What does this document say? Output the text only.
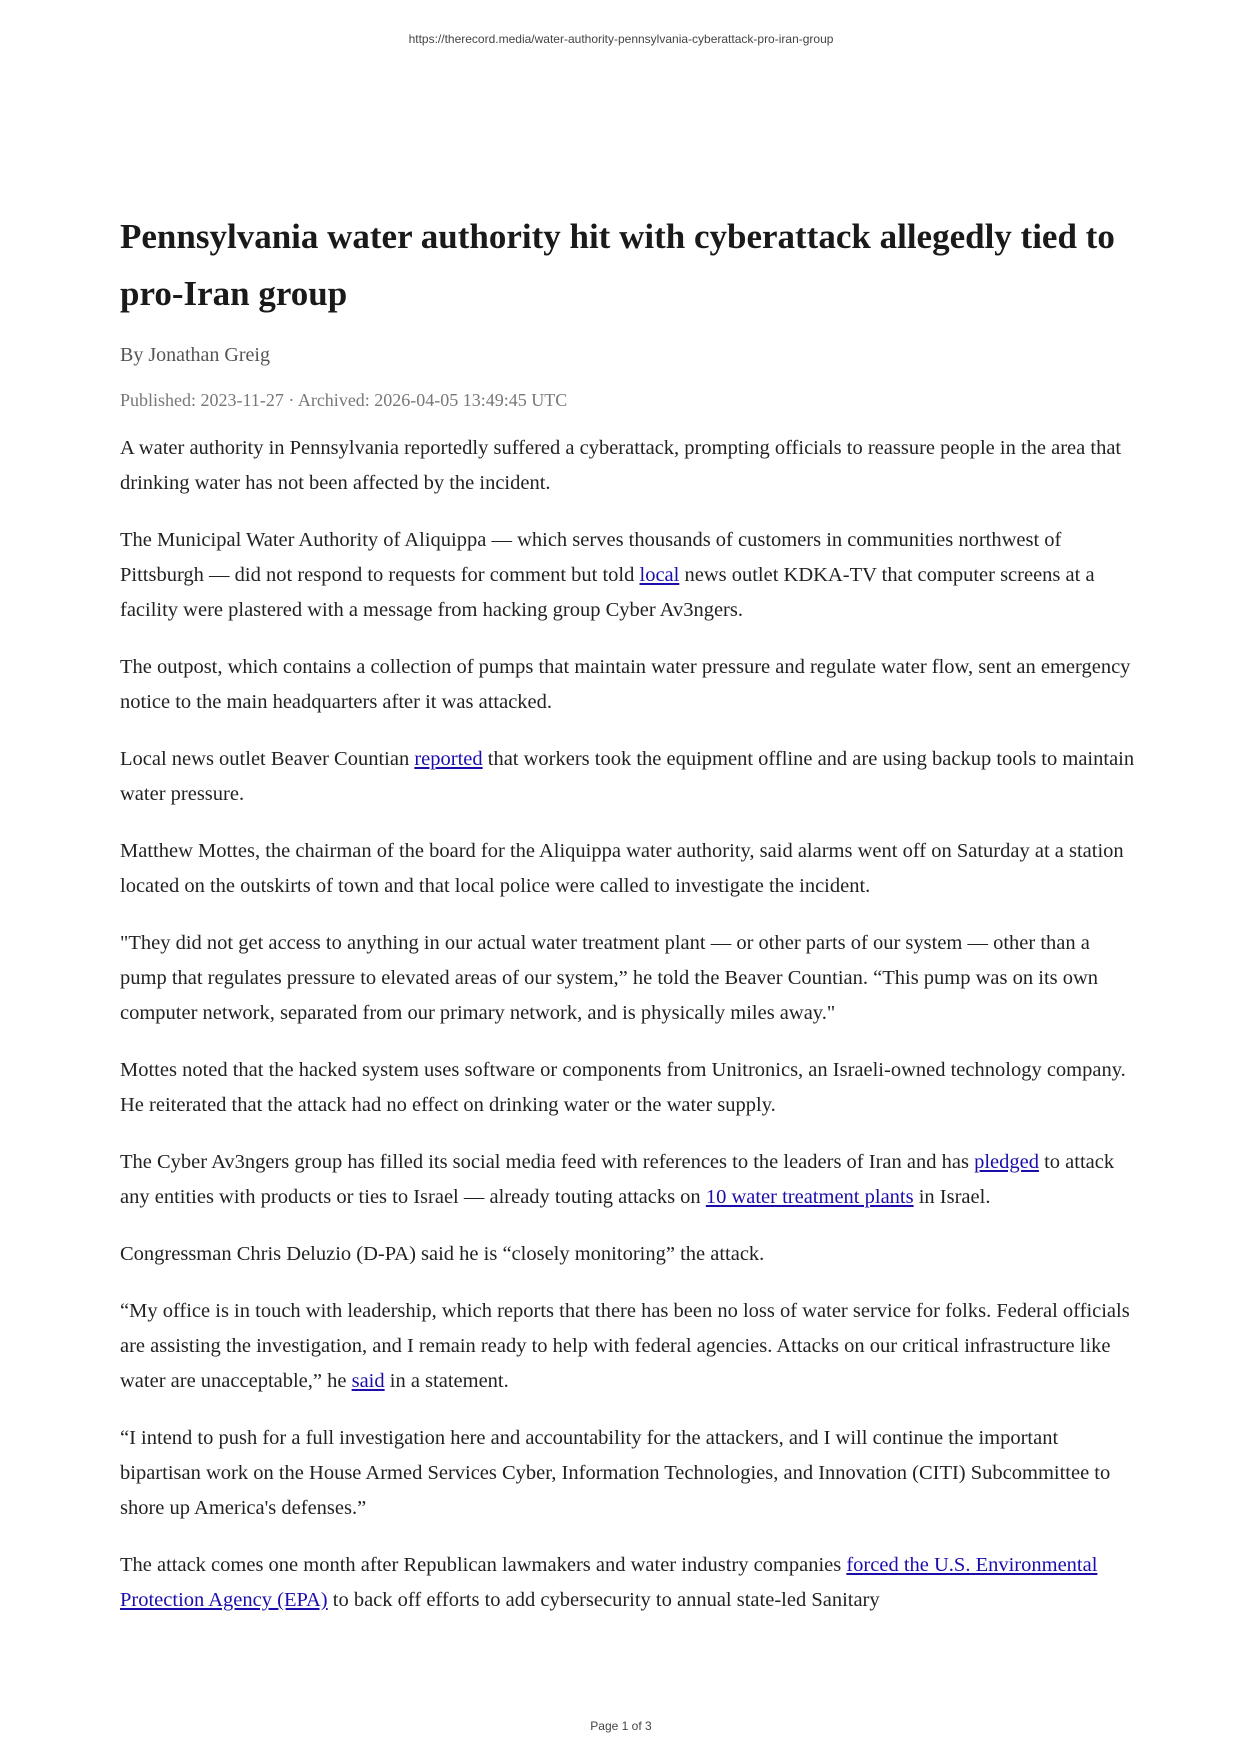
https://therecord.media/water-authority-pennsylvania-cyberattack-pro-iran-group
Pennsylvania water authority hit with cyberattack allegedly tied to pro-Iran group
By Jonathan Greig
Published: 2023-11-27 · Archived: 2026-04-05 13:49:45 UTC

A water authority in Pennsylvania reportedly suffered a cyberattack, prompting officials to reassure people in the area that drinking water has not been affected by the incident.

The Municipal Water Authority of Aliquippa — which serves thousands of customers in communities northwest of Pittsburgh — did not respond to requests for comment but told local news outlet KDKA-TV that computer screens at a facility were plastered with a message from hacking group Cyber Av3ngers.

The outpost, which contains a collection of pumps that maintain water pressure and regulate water flow, sent an emergency notice to the main headquarters after it was attacked.

Local news outlet Beaver Countian reported that workers took the equipment offline and are using backup tools to maintain water pressure.

Matthew Mottes, the chairman of the board for the Aliquippa water authority, said alarms went off on Saturday at a station located on the outskirts of town and that local police were called to investigate the incident.

"They did not get access to anything in our actual water treatment plant — or other parts of our system — other than a pump that regulates pressure to elevated areas of our system,” he told the Beaver Countian. “This pump was on its own computer network, separated from our primary network, and is physically miles away."

Mottes noted that the hacked system uses software or components from Unitronics, an Israeli-owned technology company. He reiterated that the attack had no effect on drinking water or the water supply.

The Cyber Av3ngers group has filled its social media feed with references to the leaders of Iran and has pledged to attack any entities with products or ties to Israel — already touting attacks on 10 water treatment plants in Israel.

Congressman Chris Deluzio (D-PA) said he is “closely monitoring” the attack.

“My office is in touch with leadership, which reports that there has been no loss of water service for folks. Federal officials are assisting the investigation, and I remain ready to help with federal agencies. Attacks on our critical infrastructure like water are unacceptable,” he said in a statement.

“I intend to push for a full investigation here and accountability for the attackers, and I will continue the important bipartisan work on the House Armed Services Cyber, Information Technologies, and Innovation (CITI) Subcommittee to shore up America's defenses.”

The attack comes one month after Republican lawmakers and water industry companies forced the U.S. Environmental Protection Agency (EPA) to back off efforts to add cybersecurity to annual state-led Sanitary

Page 1 of 3
